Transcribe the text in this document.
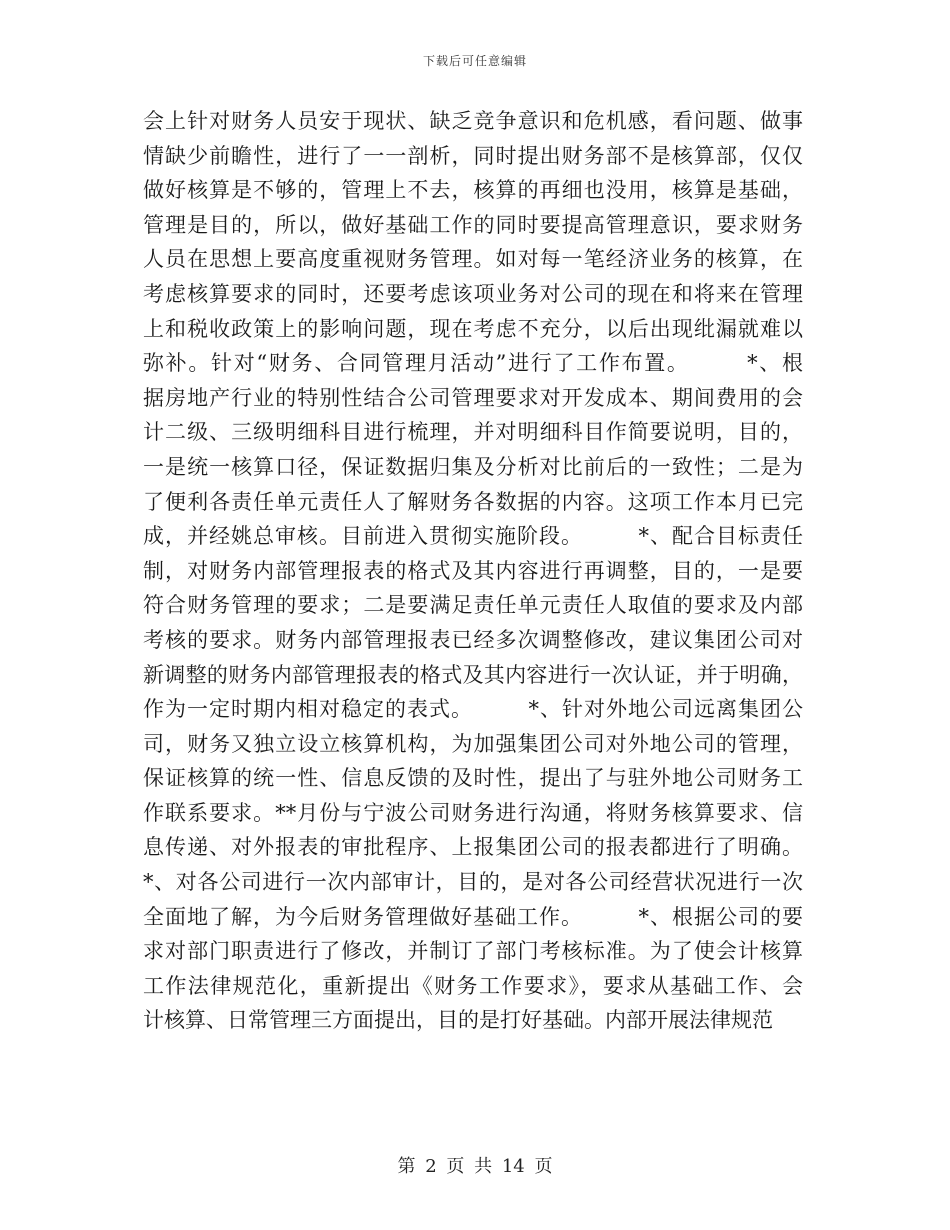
下载后可任意编辑
会上针对财务人员安于现状、缺乏竞争意识和危机感，看问题、做事
情缺少前瞻性，进行了一一剖析，同时提出财务部不是核算部，仅仅
做好核算是不够的，管理上不去，核算的再细也没用，核算是基础，
管理是目的，所以，做好基础工作的同时要提高管理意识，要求财务
人员在思想上要高度重视财务管理。如对每一笔经济业务的核算，在
考虑核算要求的同时，还要考虑该项业务对公司的现在和将来在管理
上和税收政策上的影响问题，现在考虑不充分，以后出现纰漏就难以
弥补。针对“财务、合同管理月活动”进行了工作布置。　　　*、根
据房地产行业的特别性结合公司管理要求对开发成本、期间费用的会
计二级、三级明细科目进行梳理，并对明细科目作简要说明，目的，
一是统一核算口径，保证数据归集及分析对比前后的一致性；二是为
了便利各责任单元责任人了解财务各数据的内容。这项工作本月已完
成，并经姚总审核。目前进入贯彻实施阶段。　　　*、配合目标责任
制，对财务内部管理报表的格式及其内容进行再调整，目的，一是要
符合财务管理的要求；二是要满足责任单元责任人取值的要求及内部
考核的要求。财务内部管理报表已经多次调整修改，建议集团公司对
新调整的财务内部管理报表的格式及其内容进行一次认证，并于明确，
作为一定时期内相对稳定的表式。　　　*、针对外地公司远离集团公
司，财务又独立设立核算机构，为加强集团公司对外地公司的管理，
保证核算的统一性、信息反馈的及时性，提出了与驻外地公司财务工
作联系要求。**月份与宁波公司财务进行沟通，将财务核算要求、信
息传递、对外报表的审批程序、上报集团公司的报表都进行了明确。
*、对各公司进行一次内部审计，目的，是对各公司经营状况进行一次
全面地了解，为今后财务管理做好基础工作。　　　*、根据公司的要
求对部门职责进行了修改，并制订了部门考核标准。为了使会计核算
工作法律规范化，重新提出《财务工作要求》，要求从基础工作、会
计核算、日常管理三方面提出，目的是打好基础。内部开展法律规范
第 2 页 共 14 页
